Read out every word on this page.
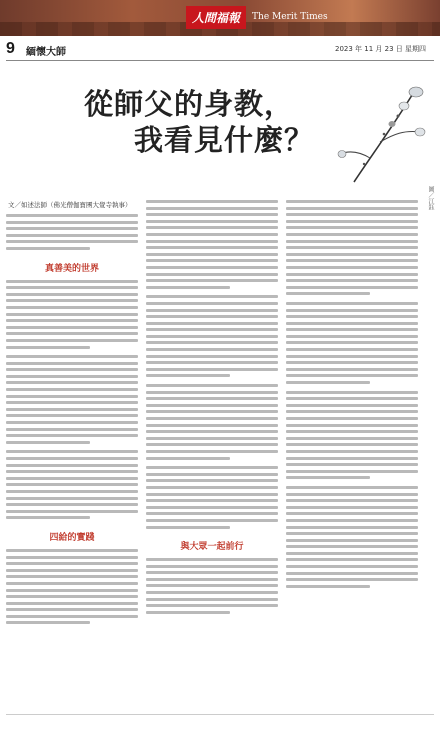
人間福報	The Merit Times
9 緬懷大師	2023 年 11 月 23 日 星期四
從師父的身教，
我看見什麼？
文／如述法師（佛光僧伽寶團大覺寺執事）
真善美的世界
四給的實踐
與大眾一起前行
圖／江鈺
